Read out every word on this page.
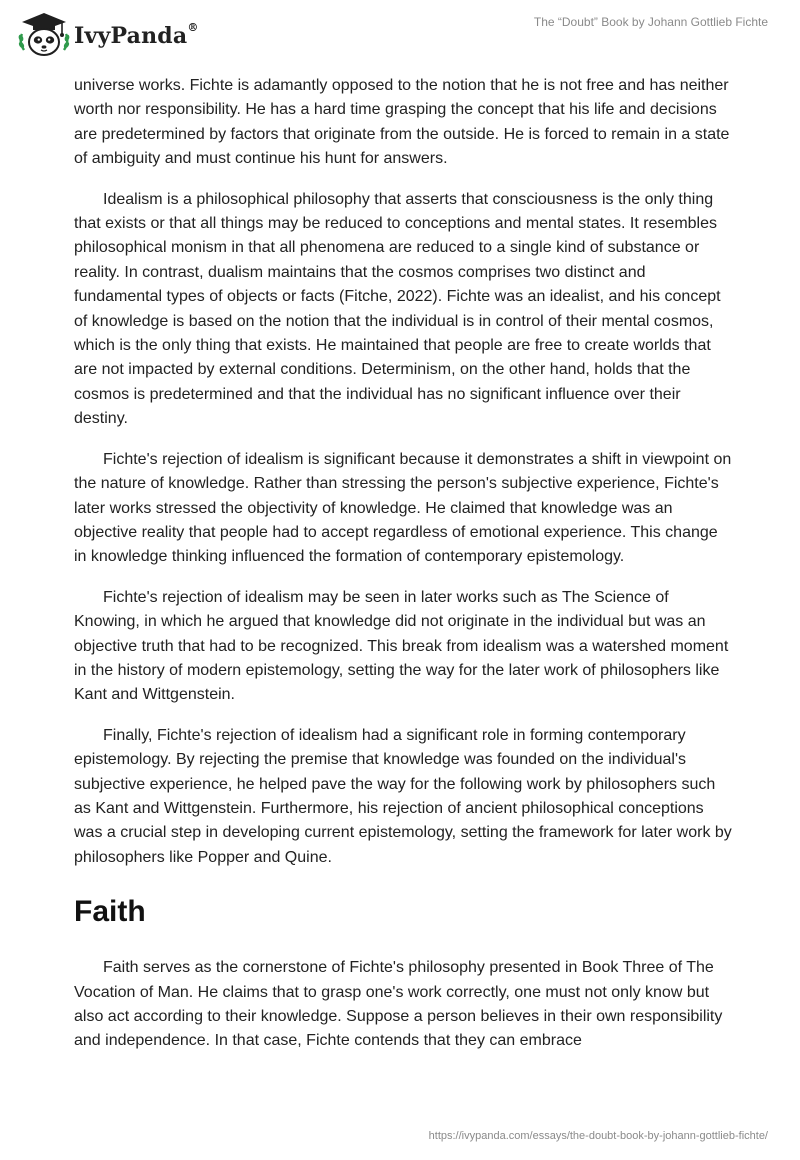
IvyPanda®	The “Doubt” Book by Johann Gottlieb Fichte

universe works. Fichte is adamantly opposed to the notion that he is not free and has neither worth nor responsibility. He has a hard time grasping the concept that his life and decisions are predetermined by factors that originate from the outside. He is forced to remain in a state of ambiguity and must continue his hunt for answers.

Idealism is a philosophical philosophy that asserts that consciousness is the only thing that exists or that all things may be reduced to conceptions and mental states. It resembles philosophical monism in that all phenomena are reduced to a single kind of substance or reality. In contrast, dualism maintains that the cosmos comprises two distinct and fundamental types of objects or facts (Fitche, 2022). Fichte was an idealist, and his concept of knowledge is based on the notion that the individual is in control of their mental cosmos, which is the only thing that exists. He maintained that people are free to create worlds that are not impacted by external conditions. Determinism, on the other hand, holds that the cosmos is predetermined and that the individual has no significant influence over their destiny.

Fichte's rejection of idealism is significant because it demonstrates a shift in viewpoint on the nature of knowledge. Rather than stressing the person's subjective experience, Fichte's later works stressed the objectivity of knowledge. He claimed that knowledge was an objective reality that people had to accept regardless of emotional experience. This change in knowledge thinking influenced the formation of contemporary epistemology.

Fichte's rejection of idealism may be seen in later works such as The Science of Knowing, in which he argued that knowledge did not originate in the individual but was an objective truth that had to be recognized. This break from idealism was a watershed moment in the history of modern epistemology, setting the way for the later work of philosophers like Kant and Wittgenstein.

Finally, Fichte's rejection of idealism had a significant role in forming contemporary epistemology. By rejecting the premise that knowledge was founded on the individual's subjective experience, he helped pave the way for the following work by philosophers such as Kant and Wittgenstein. Furthermore, his rejection of ancient philosophical conceptions was a crucial step in developing current epistemology, setting the framework for later work by philosophers like Popper and Quine.

Faith

Faith serves as the cornerstone of Fichte's philosophy presented in Book Three of The Vocation of Man. He claims that to grasp one's work correctly, one must not only know but also act according to their knowledge. Suppose a person believes in their own responsibility and independence. In that case, Fichte contends that they can embrace

https://ivypanda.com/essays/the-doubt-book-by-johann-gottlieb-fichte/
